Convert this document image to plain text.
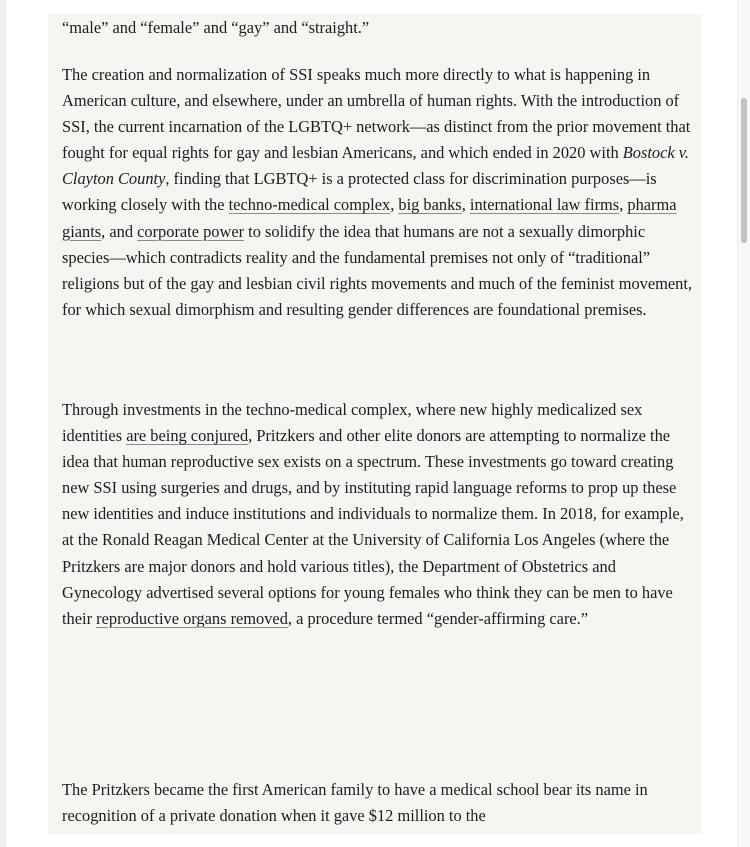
“male” and “female” and “gay” and “straight.”

The creation and normalization of SSI speaks much more directly to what is happening in American culture, and elsewhere, under an umbrella of human rights. With the introduction of SSI, the current incarnation of the LGBTQ+ network—as distinct from the prior movement that fought for equal rights for gay and lesbian Americans, and which ended in 2020 with Bostock v. Clayton County, finding that LGBTQ+ is a protected class for discrimination purposes—is working closely with the techno-medical complex, big banks, international law firms, pharma giants, and corporate power to solidify the idea that humans are not a sexually dimorphic species—which contradicts reality and the fundamental premises not only of “traditional” religions but of the gay and lesbian civil rights movements and much of the feminist movement, for which sexual dimorphism and resulting gender differences are foundational premises.

Through investments in the techno-medical complex, where new highly medicalized sex identities are being conjured, Pritzkers and other elite donors are attempting to normalize the idea that human reproductive sex exists on a spectrum. These investments go toward creating new SSI using surgeries and drugs, and by instituting rapid language reforms to prop up these new identities and induce institutions and individuals to normalize them. In 2018, for example, at the Ronald Reagan Medical Center at the University of California Los Angeles (where the Pritzkers are major donors and hold various titles), the Department of Obstetrics and Gynecology advertised several options for young females who think they can be men to have their reproductive organs removed, a procedure termed “gender-affirming care.”

The Pritzkers became the first American family to have a medical school bear its name in recognition of a private donation when it gave $12 million to the
